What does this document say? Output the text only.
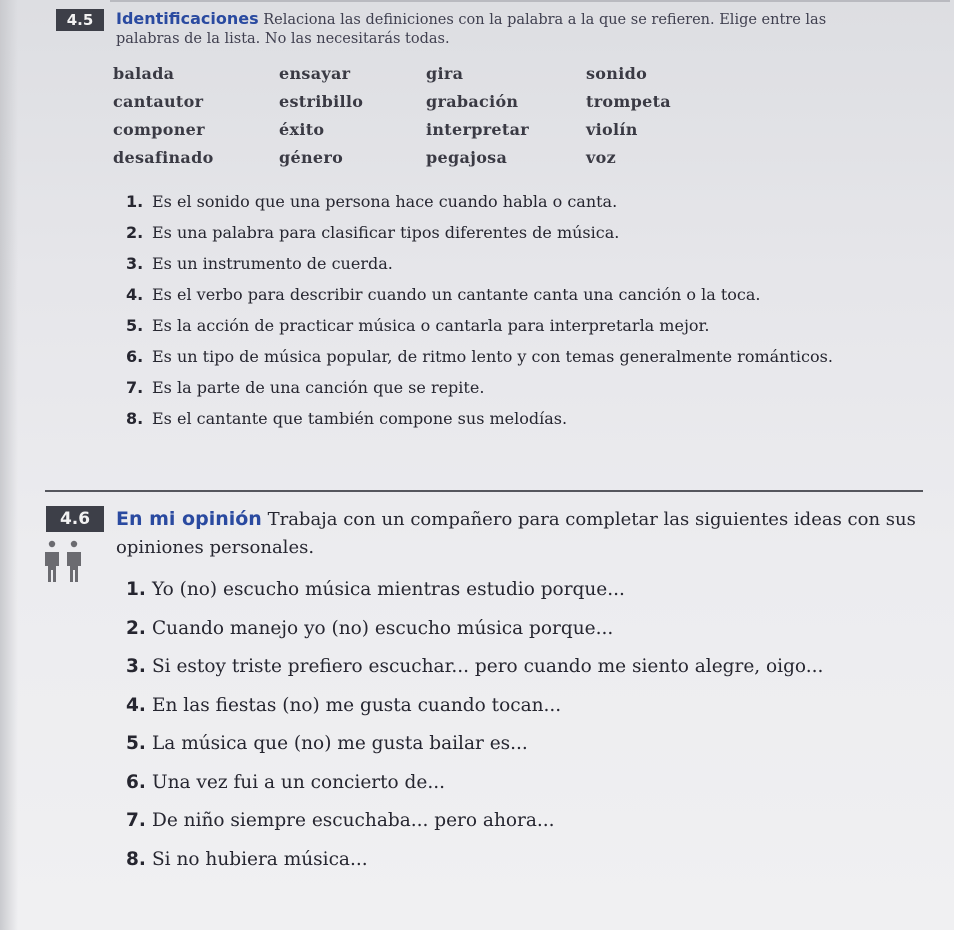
4.5	Identificaciones Relaciona las definiciones con la palabra a la que se refieren. Elige entre las palabras de la lista. No las necesitarás todas.
balada	ensayar	gira	sonido
cantautor	estribillo	grabación	trompeta
componer	éxito	interpretar	violín
desafinado	género	pegajosa	voz
1. Es el sonido que una persona hace cuando habla o canta.
2. Es una palabra para clasificar tipos diferentes de música.
3. Es un instrumento de cuerda.
4. Es el verbo para describir cuando un cantante canta una canción o la toca.
5. Es la acción de practicar música o cantarla para interpretarla mejor.
6. Es un tipo de música popular, de ritmo lento y con temas generalmente románticos.
7. Es la parte de una canción que se repite.
8. Es el cantante que también compone sus melodías.
4.6	En mi opinión Trabaja con un compañero para completar las siguientes ideas con sus opiniones personales.
1. Yo (no) escucho música mientras estudio porque...
2. Cuando manejo yo (no) escucho música porque...
3. Si estoy triste prefiero escuchar... pero cuando me siento alegre, oigo...
4. En las fiestas (no) me gusta cuando tocan...
5. La música que (no) me gusta bailar es...
6. Una vez fui a un concierto de...
7. De niño siempre escuchaba... pero ahora...
8. Si no hubiera música...
